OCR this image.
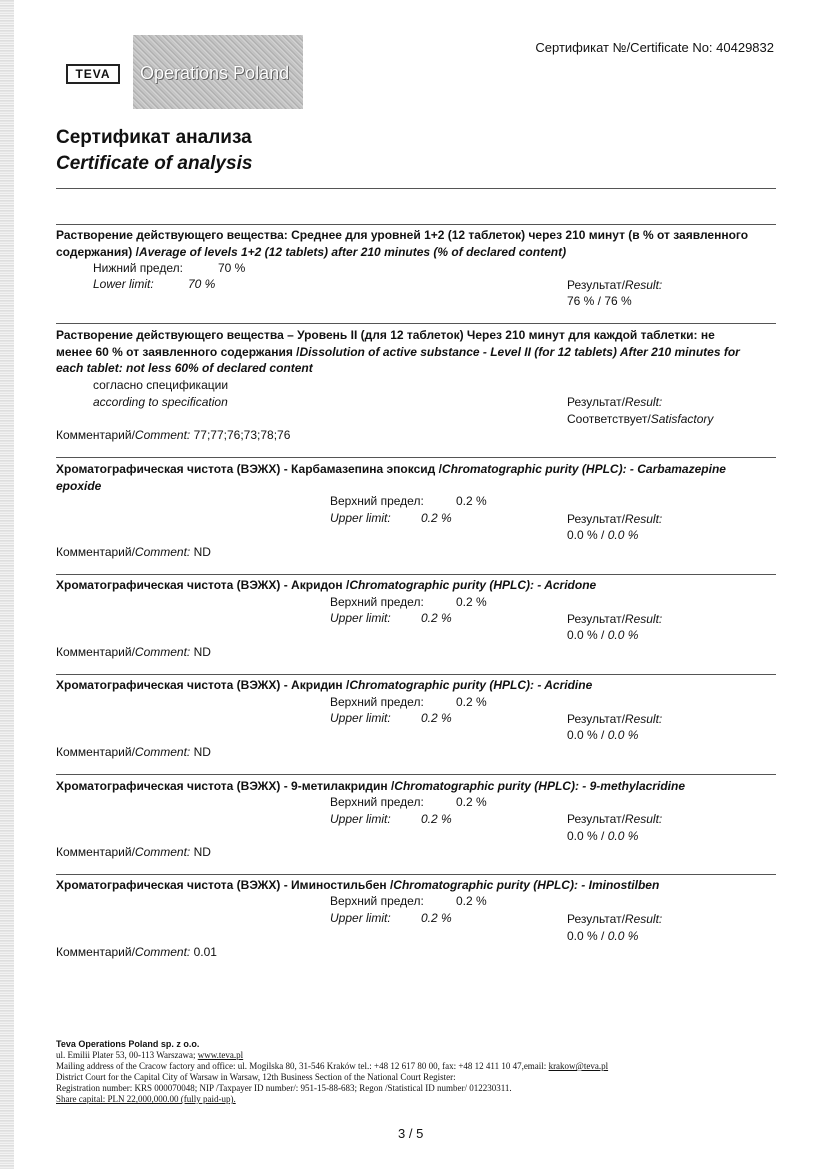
Сертификат №/Certificate No: 40429832
TEVA	Operations Poland
Сертификат анализа
Certificate of analysis
Растворение действующего вещества: Среднее для уровней 1+2 (12 таблеток) через 210 минут (в % от заявленного
содержания) /Average of levels 1+2 (12 tablets) after 210 minutes (% of declared content)
Нижний предел:	70 %
Lower limit:	70 %	Результат/Result:
76 % / 76 %
Растворение действующего вещества – Уровень II (для 12 таблеток) Через 210 минут для каждой таблетки: не
менее 60 % от заявленного содержания /Dissolution of active substance - Level II (for 12 tablets) After 210 minutes for
each tablet: not less 60% of declared content
согласно спецификации
according to specification	Результат/Result:
Соответствует/Satisfactory
Комментарий/Comment: 77;77;76;73;78;76
Хроматографическая чистота (ВЭЖХ) - Карбамазепина эпоксид /Chromatographic purity (HPLC): - Carbamazepine
epoxide
Верхний предел:	0.2 %
Upper limit:	0.2 %	Результат/Result:
0.0 % / 0.0 %
Комментарий/Comment: ND
Хроматографическая чистота (ВЭЖХ) - Акридон /Chromatographic purity (HPLC): - Acridone
Верхний предел:	0.2 %
Upper limit:	0.2 %	Результат/Result:
0.0 % / 0.0 %
Комментарий/Comment: ND
Хроматографическая чистота (ВЭЖХ) - Акридин /Chromatographic purity (HPLC): - Acridine
Верхний предел:	0.2 %
Upper limit:	0.2 %	Результат/Result:
0.0 % / 0.0 %
Комментарий/Comment: ND
Хроматографическая чистота (ВЭЖХ) - 9-метилакридин /Chromatographic purity (HPLC): - 9-methylacridine
Верхний предел:	0.2 %
Upper limit:	0.2 %	Результат/Result:
0.0 % / 0.0 %
Комментарий/Comment: ND
Хроматографическая чистота (ВЭЖХ) - Иминостильбен /Chromatographic purity (HPLC): - Iminostilben
Верхний предел:	0.2 %
Upper limit:	0.2 %	Результат/Result:
0.0 % / 0.0 %
Комментарий/Comment: 0.01
Teva Operations Poland sp. z o.o.
ul. Emilii Plater 53, 00-113 Warszawa; www.teva.pl
Mailing address of the Cracow factory and office: ul. Mogilska 80, 31-546 Kraków tel.: +48 12 617 80 00, fax: +48 12 411 10 47,email: krakow@teva.pl
District Court for the Capital City of Warsaw in Warsaw, 12th Business Section of the National Court Register:
Registration number: KRS 000070048; NIP /Taxpayer ID number/: 951-15-88-683; Regon /Statistical ID number/ 012230311.
Share capital: PLN 22,000,000.00 (fully paid-up).
3 / 5
